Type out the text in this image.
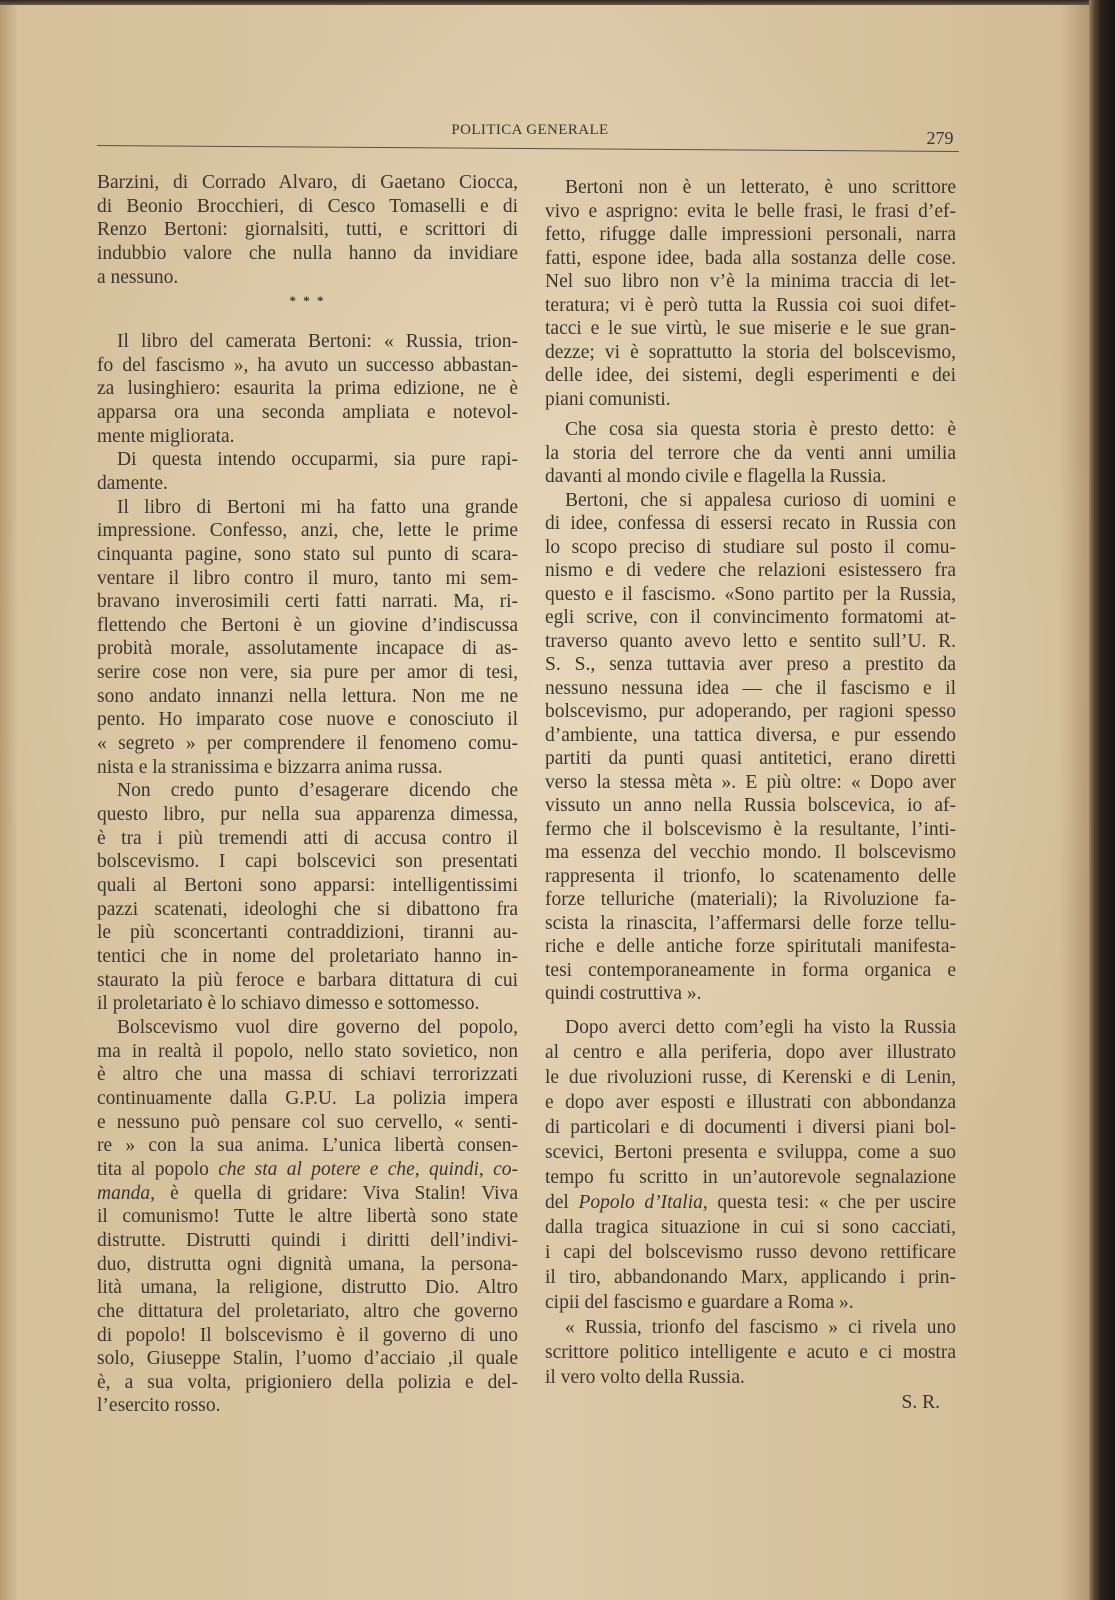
POLITICA GENERALE	279
Barzini, di Corrado Alvaro, di Gaetano Ciocca,
di Beonio Brocchieri, di Cesco Tomaselli e di
Renzo Bertoni: giornalsiti, tutti, e scrittori di
indubbio valore che nulla hanno da invidiare
a nessuno.
* * *
Il libro del camerata Bertoni: « Russia, trion-
fo del fascismo », ha avuto un successo abbastan-
za lusinghiero: esaurita la prima edizione, ne è
apparsa ora una seconda ampliata e notevol-
mente migliorata.
Di questa intendo occuparmi, sia pure rapi-
damente.
Il libro di Bertoni mi ha fatto una grande
impressione. Confesso, anzi, che, lette le prime
cinquanta pagine, sono stato sul punto di scara-
ventare il libro contro il muro, tanto mi sem-
bravano inverosimili certi fatti narrati. Ma, ri-
flettendo che Bertoni è un giovine d’indiscussa
probità morale, assolutamente incapace di as-
serire cose non vere, sia pure per amor di tesi,
sono andato innanzi nella lettura. Non me ne
pento. Ho imparato cose nuove e conosciuto il
« segreto » per comprendere il fenomeno comu-
nista e la stranissima e bizzarra anima russa.
Non credo punto d’esagerare dicendo che
questo libro, pur nella sua apparenza dimessa,
è tra i più tremendi atti di accusa contro il
bolscevismo. I capi bolscevici son presentati
quali al Bertoni sono apparsi: intelligentissimi
pazzi scatenati, ideologhi che si dibattono fra
le più sconcertanti contraddizioni, tiranni au-
tentici che in nome del proletariato hanno in-
staurato la più feroce e barbara dittatura di cui
il proletariato è lo schiavo dimesso e sottomesso.
Bolscevismo vuol dire governo del popolo,
ma in realtà il popolo, nello stato sovietico, non
è altro che una massa di schiavi terrorizzati
continuamente dalla G.P.U. La polizia impera
e nessuno può pensare col suo cervello, « senti-
re » con la sua anima. L’unica libertà consen-
tita al popolo che sta al potere e che, quindi, co-
manda, è quella di gridare: Viva Stalin! Viva
il comunismo! Tutte le altre libertà sono state
distrutte. Distrutti quindi i diritti dell’indivi-
duo, distrutta ogni dignità umana, la persona-
lità umana, la religione, distrutto Dio. Altro
che dittatura del proletariato, altro che governo
di popolo! Il bolscevismo è il governo di uno
solo, Giuseppe Stalin, l’uomo d’acciaio ,il quale
è, a sua volta, prigioniero della polizia e del-
l’esercito rosso.
Bertoni non è un letterato, è uno scrittore
vivo e asprigno: evita le belle frasi, le frasi d’ef-
fetto, rifugge dalle impressioni personali, narra
fatti, espone idee, bada alla sostanza delle cose.
Nel suo libro non v’è la minima traccia di let-
teratura; vi è però tutta la Russia coi suoi difet-
tacci e le sue virtù, le sue miserie e le sue gran-
dezze; vi è soprattutto la storia del bolscevismo,
delle idee, dei sistemi, degli esperimenti e dei
piani comunisti.
Che cosa sia questa storia è presto detto: è
la storia del terrore che da venti anni umilia
davanti al mondo civile e flagella la Russia.
Bertoni, che si appalesa curioso di uomini e
di idee, confessa di essersi recato in Russia con
lo scopo preciso di studiare sul posto il comu-
nismo e di vedere che relazioni esistessero fra
questo e il fascismo. «Sono partito per la Russia,
egli scrive, con il convincimento formatomi at-
traverso quanto avevo letto e sentito sull’U. R.
S. S., senza tuttavia aver preso a prestito da
nessuno nessuna idea — che il fascismo e il
bolscevismo, pur adoperando, per ragioni spesso
d’ambiente, una tattica diversa, e pur essendo
partiti da punti quasi antitetici, erano diretti
verso la stessa mèta ». E più oltre: « Dopo aver
vissuto un anno nella Russia bolscevica, io af-
fermo che il bolscevismo è la resultante, l’inti-
ma essenza del vecchio mondo. Il bolscevismo
rappresenta il trionfo, lo scatenamento delle
forze telluriche (materiali); la Rivoluzione fa-
scista la rinascita, l’affermarsi delle forze tellu-
riche e delle antiche forze spiritutali manifesta-
tesi contemporaneamente in forma organica e
quindi costruttiva ».
Dopo averci detto com’egli ha visto la Russia
al centro e alla periferia, dopo aver illustrato
le due rivoluzioni russe, di Kerenski e di Lenin,
e dopo aver esposti e illustrati con abbondanza
di particolari e di documenti i diversi piani bol-
scevici, Bertoni presenta e sviluppa, come a suo
tempo fu scritto in un’autorevole segnalazione
del Popolo d’Italia, questa tesi: « che per uscire
dalla tragica situazione in cui si sono cacciati,
i capi del bolscevismo russo devono rettificare
il tiro, abbandonando Marx, applicando i prin-
cipii del fascismo e guardare a Roma ».
« Russia, trionfo del fascismo » ci rivela uno
scrittore politico intelligente e acuto e ci mostra
il vero volto della Russia.
S. R.
